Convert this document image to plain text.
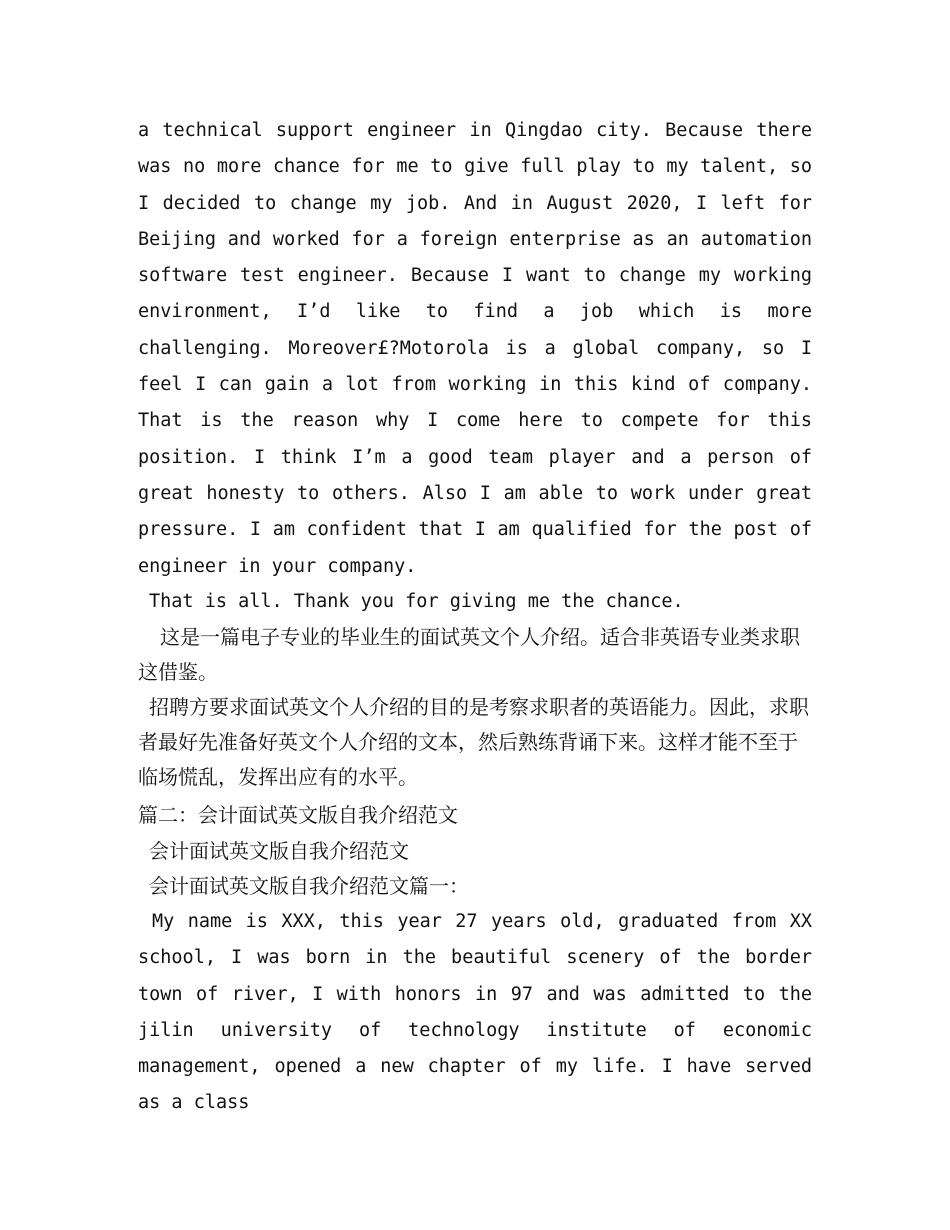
a technical support engineer in Qingdao city. Because there was no more chance for me to give full play to my talent, so I decided to change my job. And in August 2020, I left for Beijing and worked for a foreign enterprise as an automation software test engineer. Because I want to change my working environment, I’d like to find a job which is more challenging. Moreover£?Motorola is a global company, so I feel I can gain a lot from working in this kind of company. That is the reason why I come here to compete for this position. I think I’m a good team player and a person of great honesty to others. Also I am able to work under great pressure. I am confident that I am qualified for the post of engineer in your company.

That is all. Thank you for giving me the chance.

这是一篇电子专业的毕业生的面试英文个人介绍。适合非英语专业类求职这借鉴。

招聘方要求面试英文个人介绍的目的是考察求职者的英语能力。因此，求职者最好先准备好英文个人介绍的文本，然后熟练背诵下来。这样才能不至于临场慌乱，发挥出应有的水平。

篇二：会计面试英文版自我介绍范文

会计面试英文版自我介绍范文

会计面试英文版自我介绍范文篇一：

My name is XXX, this year 27 years old, graduated from XX school, I was born in the beautiful scenery of the border town of river, I with honors in 97 and was admitted to the jilin university of technology institute of economic management, opened a new chapter of my life. I have served as a class
